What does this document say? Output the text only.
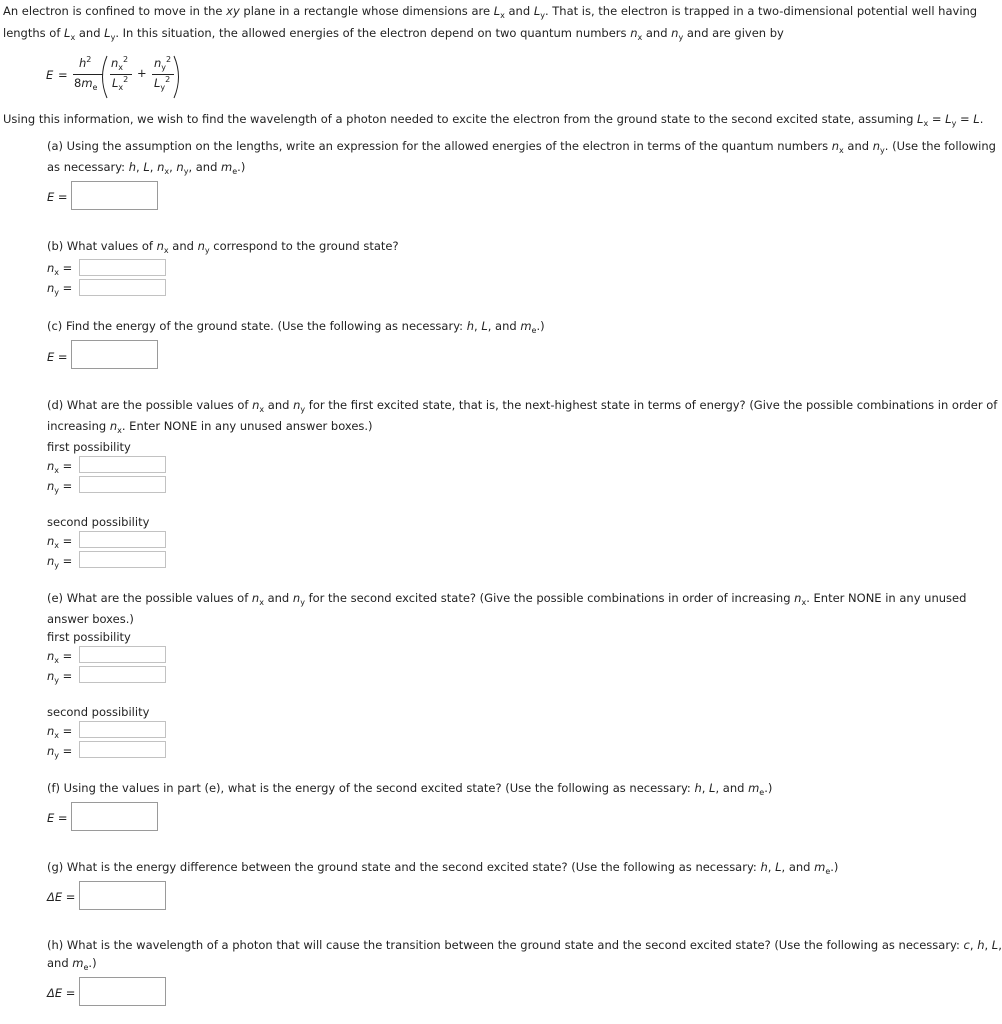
An electron is confined to move in the xy plane in a rectangle whose dimensions are $L_x$ and $L_y$. That is, the electron is trapped in a two-dimensional potential well having
lengths of $L_x$ and $L_y$. In this situation, the allowed energies of the electron depend on two quantum numbers $n_x$ and $n_y$ and are given by
E =
$h^2$
$8m_e$
$n_x^2$
$L_x^2$ +
$n_y^2$
$L_y^2$
Using this information, we wish to find the wavelength of a photon needed to excite the electron from the ground state to the second excited state, assuming $L_x = L_y = L$.
(a) Using the assumption on the lengths, write an expression for the allowed energies of the electron in terms of the quantum numbers $n_x$ and $n_y$. (Use the following
as necessary: h, L, $n_x$, $n_y$, and $m_e$.)
E =
(b) What values of $n_x$ and $n_y$ correspond to the ground state?
$n_x$ =
$n_y$ =
(c) Find the energy of the ground state. (Use the following as necessary: h, L, and $m_e$.)
E =
(d) What are the possible values of $n_x$ and $n_y$ for the first excited state, that is, the next-highest state in terms of energy? (Give the possible combinations in order of
increasing $n_x$. Enter NONE in any unused answer boxes.)
first possibility
$n_x$ =
$n_y$ =
second possibility
$n_x$ =
$n_y$ =
(e) What are the possible values of $n_x$ and $n_y$ for the second excited state? (Give the possible combinations in order of increasing $n_x$. Enter NONE in any unused
answer boxes.)
first possibility
$n_x$ =
$n_y$ =
second possibility
$n_x$ =
$n_y$ =
(f) Using the values in part (e), what is the energy of the second excited state? (Use the following as necessary: h, L, and $m_e$.)
E =
(g) What is the energy difference between the ground state and the second excited state? (Use the following as necessary: h, L, and $m_e$.)
ΔE =
(h) What is the wavelength of a photon that will cause the transition between the ground state and the second excited state? (Use the following as necessary: c, h, L,
and $m_e$.)
ΔE =
